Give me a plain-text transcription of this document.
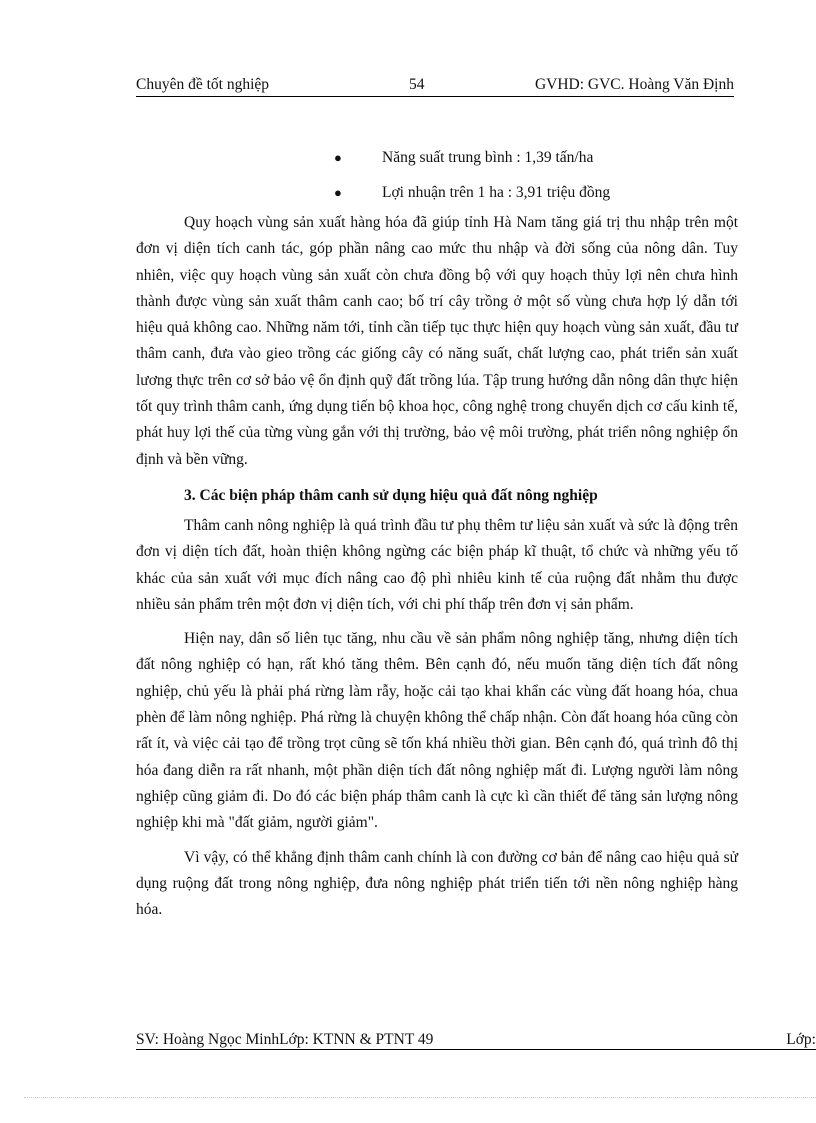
Chuyên đề tốt nghiệp	54	GVHD: GVC. Hoàng Văn Định
●	Năng suất trung bình : 1,39 tấn/ha
●	Lợi nhuận trên 1 ha : 3,91 triệu đồng

Quy hoạch vùng sản xuất hàng hóa đã giúp tỉnh Hà Nam tăng giá trị thu nhập trên một đơn vị diện tích canh tác, góp phần nâng cao mức thu nhập và đời sống của nông dân. Tuy nhiên, việc quy hoạch vùng sản xuất còn chưa đồng bộ với quy hoạch thủy lợi nên chưa hình thành được vùng sản xuất thâm canh cao; bố trí cây trồng ở một số vùng chưa hợp lý dẫn tới hiệu quả không cao. Những năm tới, tỉnh cần tiếp tục thực hiện quy hoạch vùng sản xuất, đầu tư thâm canh, đưa vào gieo trồng các giống cây có năng suất, chất lượng cao, phát triển sản xuất lương thực trên cơ sở bảo vệ ổn định quỹ đất trồng lúa. Tập trung hướng dẫn nông dân thực hiện tốt quy trình thâm canh, ứng dụng tiến bộ khoa học, công nghệ trong chuyển dịch cơ cấu kinh tế, phát huy lợi thế của từng vùng gắn với thị trường, bảo vệ môi trường, phát triển nông nghiệp ổn định và bền vững.

3. Các biện pháp thâm canh sử dụng hiệu quả đất nông nghiệp

Thâm canh nông nghiệp là quá trình đầu tư phụ thêm tư liệu sản xuất và sức là động trên đơn vị diện tích đất, hoàn thiện không ngừng các biện pháp kĩ thuật, tổ chức và những yếu tố khác của sản xuất với mục đích nâng cao độ phì nhiêu kinh tế của ruộng đất nhằm thu được nhiều sản phẩm trên một đơn vị diện tích, với chi phí thấp trên đơn vị sản phẩm.

Hiện nay, dân số liên tục tăng, nhu cầu về sản phẩm nông nghiệp tăng, nhưng diện tích đất nông nghiệp có hạn, rất khó tăng thêm. Bên cạnh đó, nếu muốn tăng diện tích đất nông nghiệp, chủ yếu là phải phá rừng làm rẫy, hoặc cải tạo khai khẩn các vùng đất hoang hóa, chua phèn để làm nông nghiệp. Phá rừng là chuyện không thể chấp nhận. Còn đất hoang hóa cũng còn rất ít, và việc cải tạo để trồng trọt cũng sẽ tốn khá nhiều thời gian. Bên cạnh đó, quá trình đô thị hóa đang diễn ra rất nhanh, một phần diện tích đất nông nghiệp mất đi. Lượng người làm nông nghiệp cũng giảm đi. Do đó các biện pháp thâm canh là cực kì cần thiết để tăng sản lượng nông nghiệp khi mà "đất giảm, người giảm".

Vì vậy, có thể khẳng định thâm canh chính là con đường cơ bản để nâng cao hiệu quả sử dụng ruộng đất trong nông nghiệp, đưa nông nghiệp phát triển tiến tới nền nông nghiệp hàng hóa.

SV: Hoàng Ngọc MinhLớp: KTNN & PTNT 49	Lớp:
